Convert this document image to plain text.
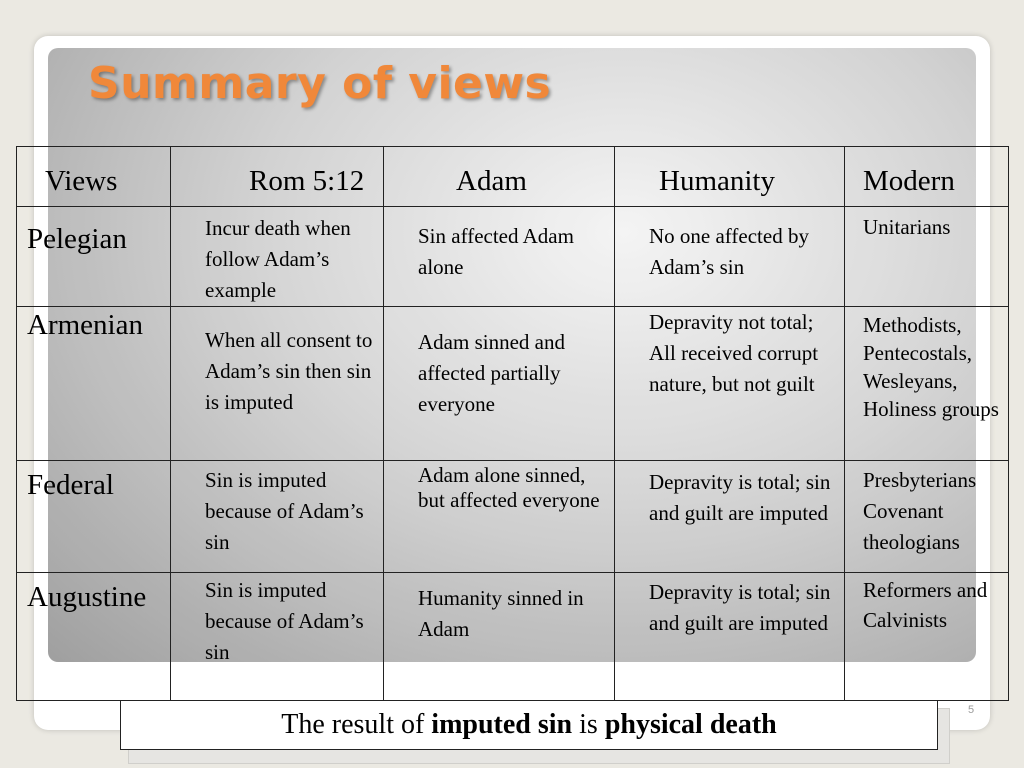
Summary of views
5
Views	Rom 5:12	Adam	Humanity	Modern
Pelegian	Incur death when follow Adam’s example	Sin affected Adam alone	No one affected by Adam’s sin	Unitarians
Armenian	When all consent to Adam’s sin then sin is imputed	Adam sinned and affected partially everyone	Depravity not total; All received corrupt nature, but not guilt	Methodists, Pentecostals, Wesleyans, Holiness groups
Federal	Sin is imputed because of Adam’s sin	Adam alone sinned, but affected everyone	Depravity is total; sin and guilt are imputed	Presbyterians Covenant theologians
Augustine	Sin is imputed because of Adam’s sin	Humanity sinned in Adam	Depravity is total; sin and guilt are imputed	Reformers and Calvinists
The result of imputed sin is physical death
